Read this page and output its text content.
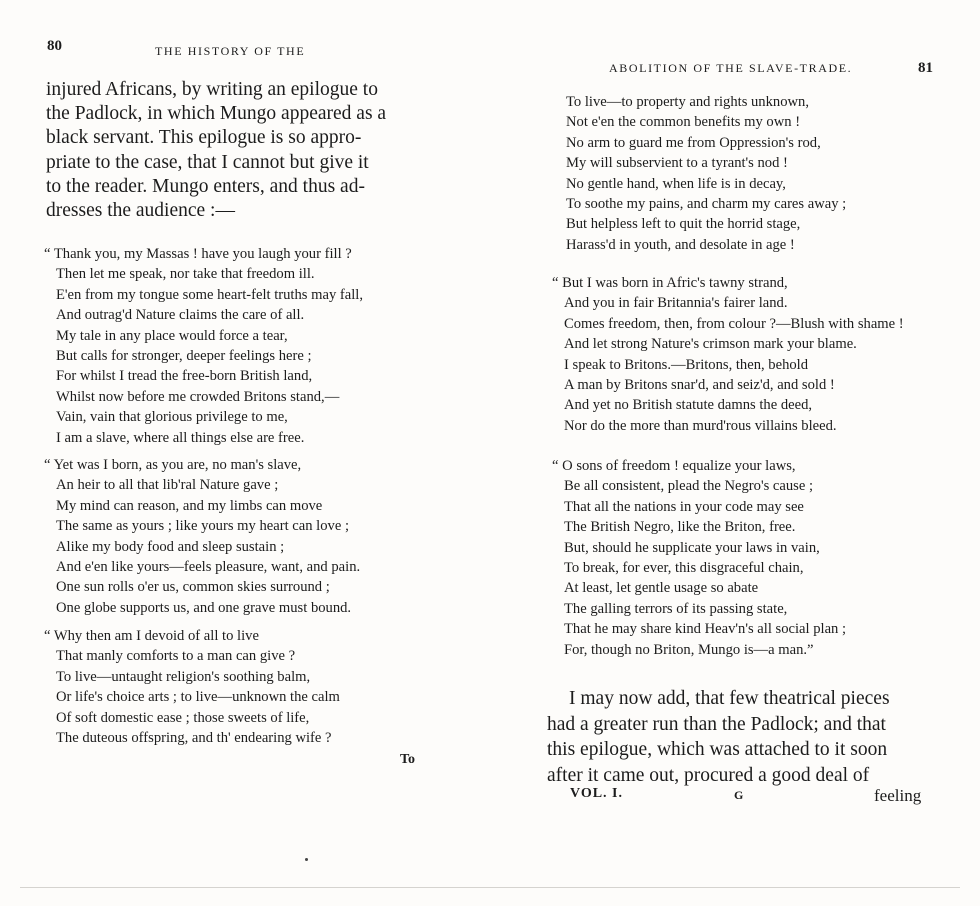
80	THE HISTORY OF THE
injured Africans, by writing an epilogue to
the Padlock, in which Mungo appeared as a
black servant. This epilogue is so appro-
priate to the case, that I cannot but give it
to the reader. Mungo enters, and thus ad-
dresses the audience :—
“ Thank you, my Massas ! have you laugh your fill ?
Then let me speak, nor take that freedom ill.
E'en from my tongue some heart-felt truths may fall,
And outrag'd Nature claims the care of all.
My tale in any place would force a tear,
But calls for stronger, deeper feelings here ;
For whilst I tread the free-born British land,
Whilst now before me crowded Britons stand,—
Vain, vain that glorious privilege to me,
I am a slave, where all things else are free.
“ Yet was I born, as you are, no man's slave,
An heir to all that lib'ral Nature gave ;
My mind can reason, and my limbs can move
The same as yours ; like yours my heart can love ;
Alike my body food and sleep sustain ;
And e'en like yours—feels pleasure, want, and pain.
One sun rolls o'er us, common skies surround ;
One globe supports us, and one grave must bound.
“ Why then am I devoid of all to live
That manly comforts to a man can give ?
To live—untaught religion's soothing balm,
Or life's choice arts ; to live—unknown the calm
Of soft domestic ease ; those sweets of life,
The duteous offspring, and th' endearing wife ?
To
ABOLITION OF THE SLAVE-TRADE.	81
To live—to property and rights unknown,
Not e'en the common benefits my own !
No arm to guard me from Oppression's rod,
My will subservient to a tyrant's nod !
No gentle hand, when life is in decay,
To soothe my pains, and charm my cares away ;
But helpless left to quit the horrid stage,
Harass'd in youth, and desolate in age !
“ But I was born in Afric's tawny strand,
And you in fair Britannia's fairer land.
Comes freedom, then, from colour ?—Blush with shame !
And let strong Nature's crimson mark your blame.
I speak to Britons.—Britons, then, behold
A man by Britons snar'd, and seiz'd, and sold !
And yet no British statute damns the deed,
Nor do the more than murd'rous villains bleed.
“ O sons of freedom ! equalize your laws,
Be all consistent, plead the Negro's cause ;
That all the nations in your code may see
The British Negro, like the Briton, free.
But, should he supplicate your laws in vain,
To break, for ever, this disgraceful chain,
At least, let gentle usage so abate
The galling terrors of its passing state,
That he may share kind Heav'n's all social plan ;
For, though no Briton, Mungo is—a man.”
I may now add, that few theatrical pieces
had a greater run than the Padlock; and that
this epilogue, which was attached to it soon
after it came out, procured a good deal of
VOL. I.	G	feeling
